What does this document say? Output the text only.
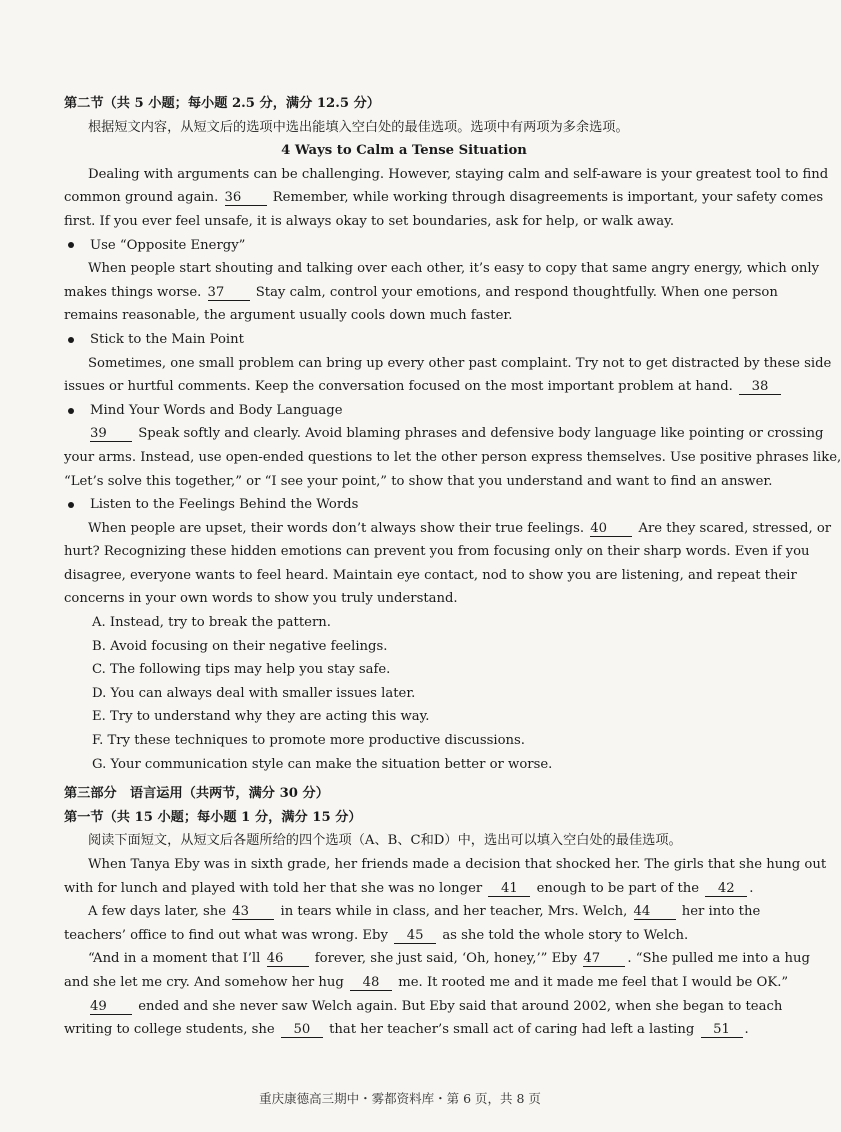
第二节（共 5 小题；每小题 2.5 分，满分 12.5 分）
根据短文内容，从短文后的选项中选出能填入空白处的最佳选项。选项中有两项为多余选项。
4 Ways to Calm a Tense Situation
Dealing with arguments can be challenging. However, staying calm and self-aware is your greatest tool to find
common ground again. 36 Remember, while working through disagreements is important, your safety comes
first. If you ever feel unsafe, it is always okay to set boundaries, ask for help, or walk away.
Use “Opposite Energy”
When people start shouting and talking over each other, it’s easy to copy that same angry energy, which only
makes things worse. 37 Stay calm, control your emotions, and respond thoughtfully. When one person
remains reasonable, the argument usually cools down much faster.
Stick to the Main Point
Sometimes, one small problem can bring up every other past complaint. Try not to get distracted by these side
issues or hurtful comments. Keep the conversation focused on the most important problem at hand. 38
Mind Your Words and Body Language
39 Speak softly and clearly. Avoid blaming phrases and defensive body language like pointing or crossing
your arms. Instead, use open-ended questions to let the other person express themselves. Use positive phrases like,
“Let’s solve this together,” or “I see your point,” to show that you understand and want to find an answer.
Listen to the Feelings Behind the Words
When people are upset, their words don’t always show their true feelings. 40 Are they scared, stressed, or
hurt? Recognizing these hidden emotions can prevent you from focusing only on their sharp words. Even if you
disagree, everyone wants to feel heard. Maintain eye contact, nod to show you are listening, and repeat their
concerns in your own words to show you truly understand.
A. Instead, try to break the pattern.
B. Avoid focusing on their negative feelings.
C. The following tips may help you stay safe.
D. You can always deal with smaller issues later.
E. Try to understand why they are acting this way.
F. Try these techniques to promote more productive discussions.
G. Your communication style can make the situation better or worse.
第三部分　语言运用（共两节，满分 30 分）
第一节（共 15 小题；每小题 1 分，满分 15 分）
阅读下面短文，从短文后各题所给的四个选项（A、B、C和D）中，选出可以填入空白处的最佳选项。
When Tanya Eby was in sixth grade, her friends made a decision that shocked her. The girls that she hung out
with for lunch and played with told her that she was no longer 41 enough to be part of the 42 .
A few days later, she 43 in tears while in class, and her teacher, Mrs. Welch, 44 her into the
teachers’ office to find out what was wrong. Eby 45 as she told the whole story to Welch.
“And in a moment that I’ll 46 forever, she just said, ‘Oh, honey,’” Eby 47 . “She pulled me into a hug
and she let me cry. And somehow her hug 48 me. It rooted me and it made me feel that I would be OK.”
49 ended and she never saw Welch again. But Eby said that around 2002, when she began to teach
writing to college students, she 50 that her teacher’s small act of caring had left a lasting 51 .
重庆康德高三期中・雾都资料库・第 6 页，共 8 页
